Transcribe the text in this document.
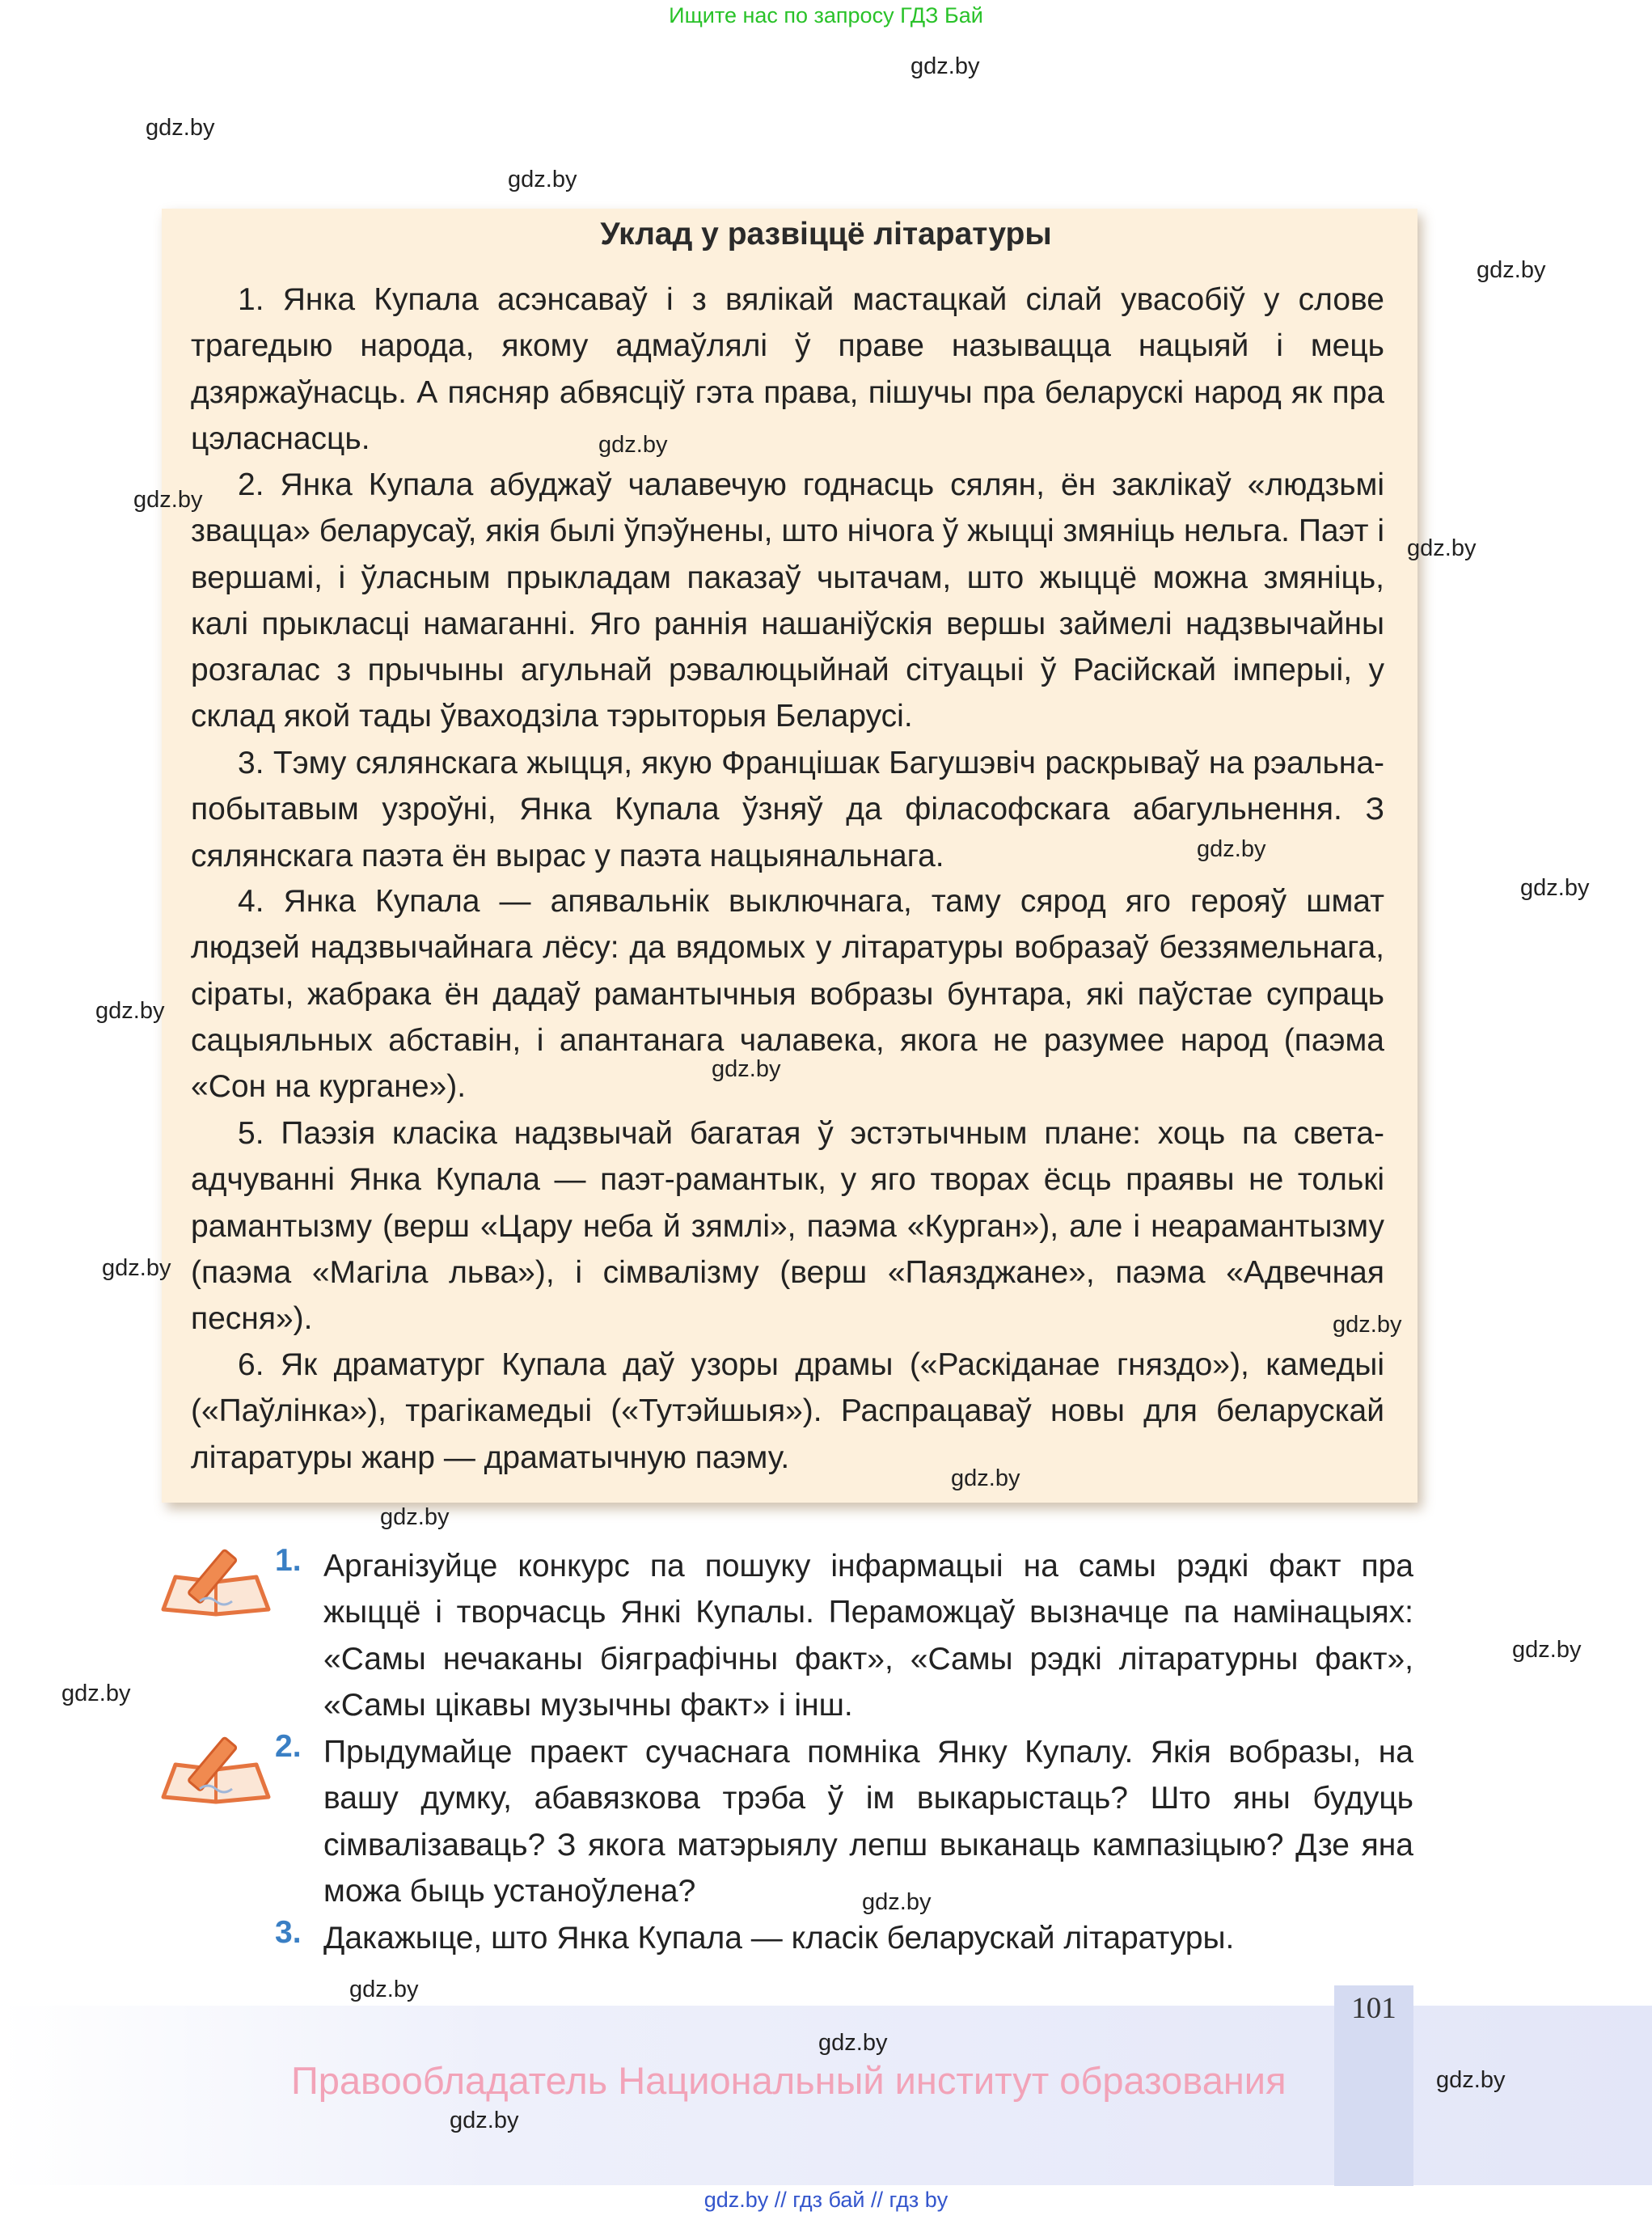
Ищите нас по запросу ГДЗ Бай
gdz.by
gdz.by
gdz.by
gdz.by
Уклад у развіццё літаратуры
1. Янка Купала асэнсаваў і з вялікай мастацкай сілай увасобіў у слове трагедыю народа, якому адмаўлялі ў праве называцца нацыяй і мець дзяржаўнасць. А пясняр абвясціў гэта права, пішучы пра беларускі народ як пра цэласнасць.
2. Янка Купала абуджаў чалавечую годнасць сялян, ён заклікаў «людзьмі звацца» беларусаў, якія былі ўпэўнены, што нічога ў жыцці змяніць нельга. Паэт і вершамі, і ўласным прыкладам паказаў чытачам, што жыццё можна змяніць, калі прыкласці намаганні. Яго раннія нашаніўскія вершы займелі надзвычайны розгалас з прычыны агульнай рэвалюцыйнай сітуацыі ў Расійскай імперыі, у склад якой тады ўваходзіла тэрыторыя Беларусі.
3. Тэму сялянскага жыцця, якую Францішак Багушэвіч раскрываў на рэальна-побытавым узроўні, Янка Купала ўзняў да філасофскага абагульнення. З сялянскага паэта ён вырас у паэта нацыянальнага.
4. Янка Купала — апявальнік выключнага, таму сярод яго герояў шмат людзей надзвычайнага лёсу: да вядомых у літаратуры вобразаў беззямельнага, сіраты, жабрака ён дадаў рамантычныя вобразы бунтара, які паўстае супраць сацыяльных абставін, і апантанага чалавека, якога не разумее народ (паэма «Сон на кургане»).
5. Паэзія класіка надзвычай багатая ў эстэтычным плане: хоць па светаадчуванні Янка Купала — паэт-рамантык, у яго творах ёсць праявы не толькі рамантызму (верш «Цару неба й зямлі», паэма «Курган»), але і неарамантызму (паэма «Магіла льва»), і сімвалізму (верш «Паязджане», паэма «Адвечная песня»).
6. Як драматург Купала даў узоры драмы («Раскіданае гняздо»), камедыі («Паўлінка»), трагікамедыі («Тутэйшыя»). Распрацаваў новы для беларускай літаратуры жанр — драматычную паэму.
gdz.by
gdz.by
gdz.by
gdz.by
gdz.by
gdz.by
gdz.by
gdz.by
gdz.by
gdz.by
gdz.by
1. Арганізуйце конкурс па пошуку інфармацыі на самы рэдкі факт пра жыццё і творчасць Янкі Купалы. Пераможцаў вызначце па намінацыях: «Самы нечаканы біяграфічны факт», «Самы рэдкі літаратурны факт», «Самы цікавы музычны факт» і інш.
2. Прыдумайце праект сучаснага помніка Янку Купалу. Якія вобразы, на вашу думку, абавязкова трэба ў ім выкарыстаць? Што яны будуць сімвалізаваць? З якога матэрыялу лепш выканаць кампазіцыю? Дзе яна можа быць устаноўлена?
3. Дакажыце, што Янка Купала — класік беларускай літаратуры.
gdz.by
gdz.by
gdz.by
gdz.by
101
Правообладатель Национальный институт образования
gdz.by
gdz.by
gdz.by
gdz.by // гдз бай // гдз by
